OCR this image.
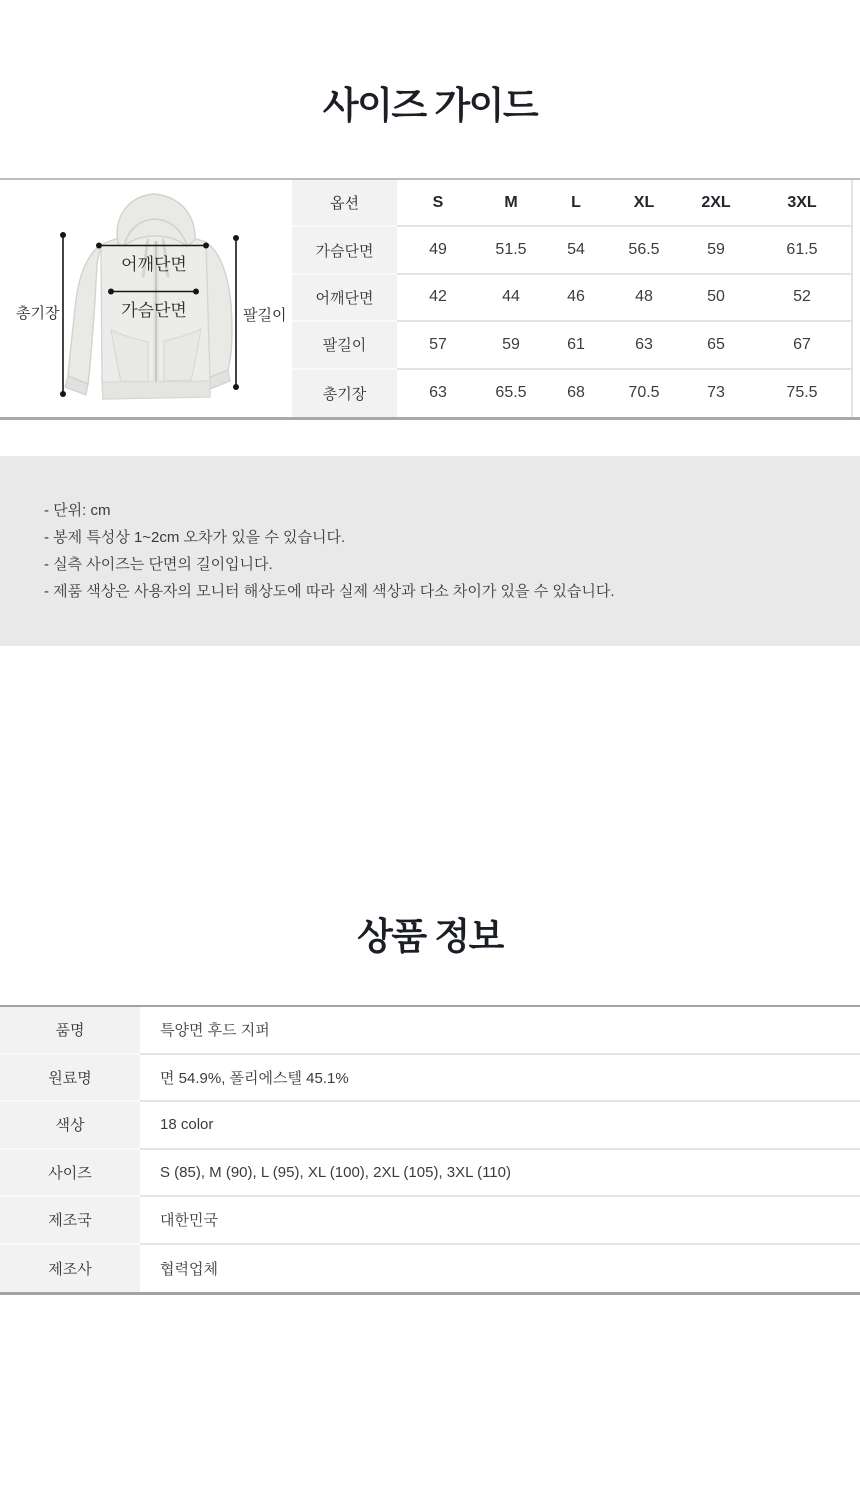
사이즈 가이드
어깨단면
가슴단면
총기장	팔길이
옵션	S	M	L	XL	2XL	3XL
가슴단면	49	51.5	54	56.5	59	61.5
어깨단면	42	44	46	48	50	52
팔길이	57	59	61	63	65	67
총기장	63	65.5	68	70.5	73	75.5
- 단위: cm
- 봉제 특성상 1~2cm 오차가 있을 수 있습니다.
- 실측 사이즈는 단면의 길이입니다.
- 제품 색상은 사용자의 모니터 해상도에 따라 실제 색상과 다소 차이가 있을 수 있습니다.
상품 정보
품명	특양면 후드 지퍼
원료명	면 54.9%, 폴리에스텔 45.1%
색상	18 color
사이즈	S (85), M (90), L (95), XL (100), 2XL (105), 3XL (110)
제조국	대한민국
제조사	협력업체
